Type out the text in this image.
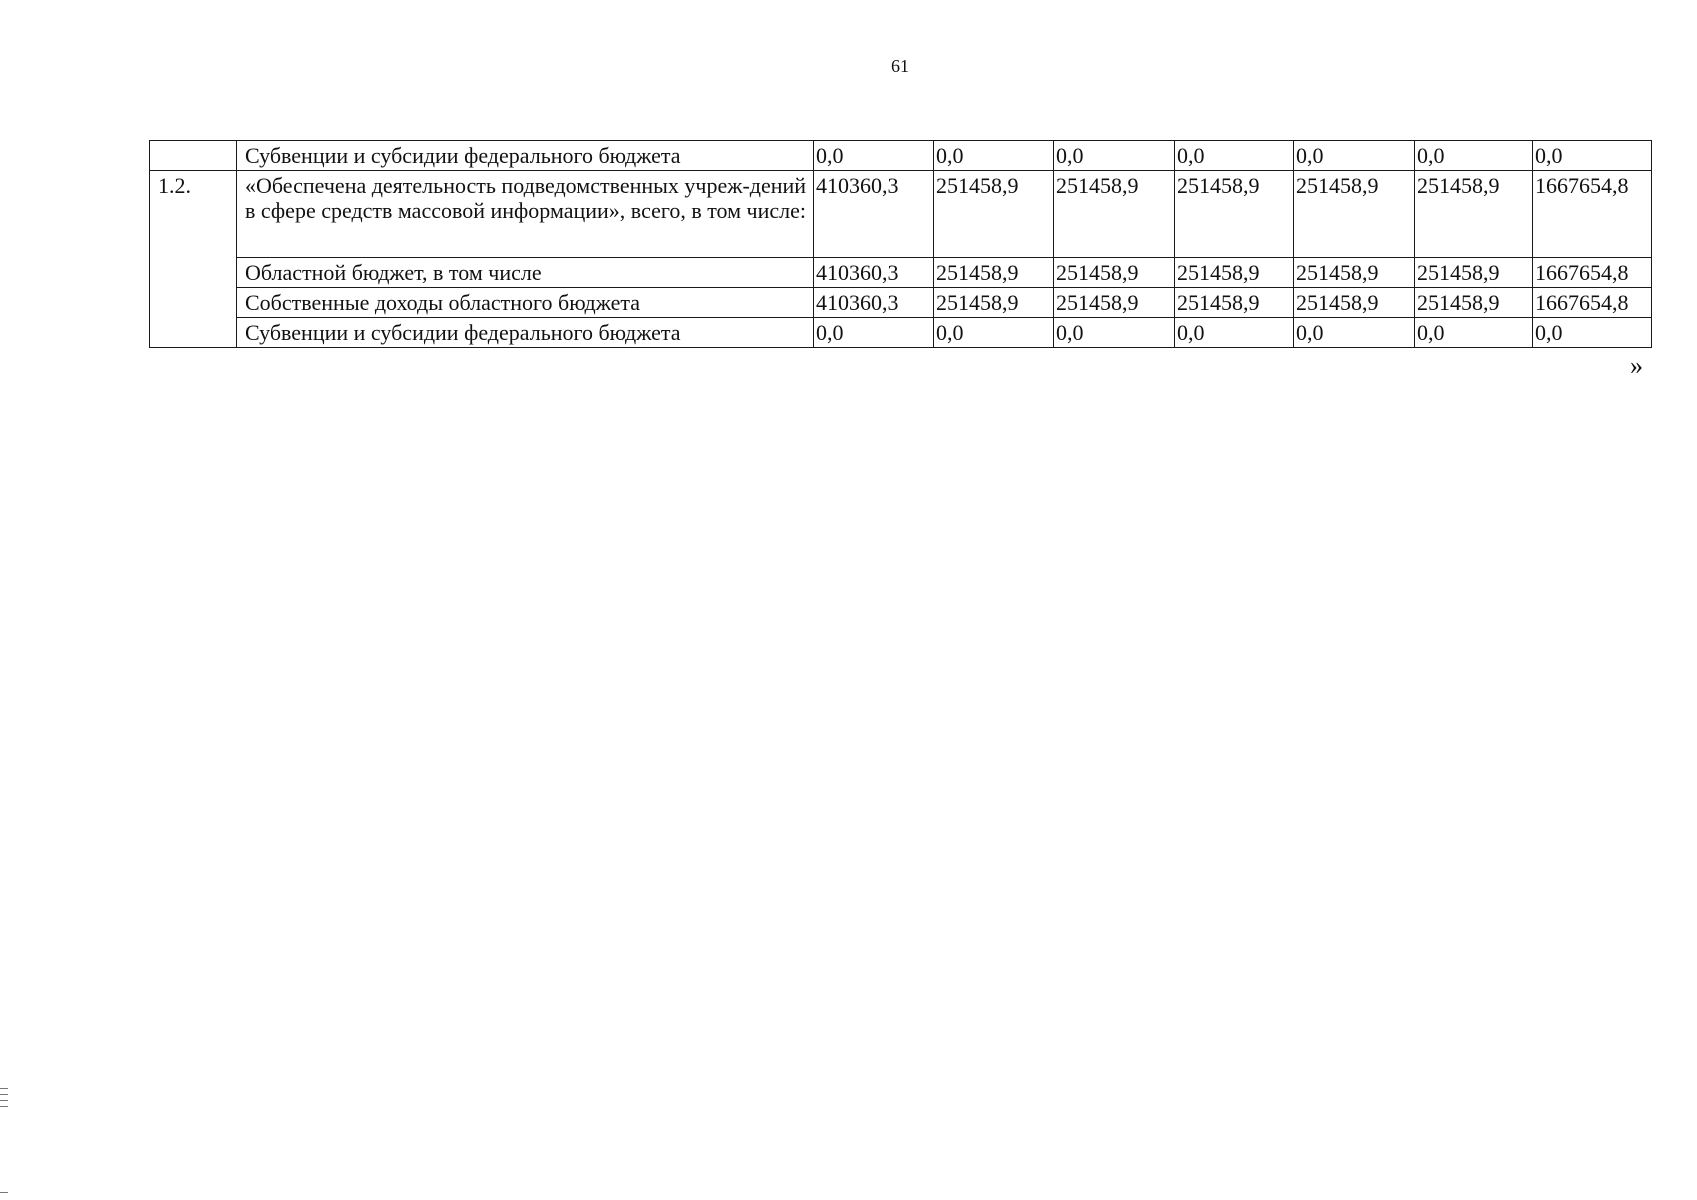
61
	Субвенции и субсидии федерального бюджета	0,0	0,0	0,0	0,0	0,0	0,0	0,0
1.2.	«Обеспечена деятельность подведомственных учреж-дений в сфере средств массовой информации», всего, в том числе:	410360,3	251458,9	251458,9	251458,9	251458,9	251458,9	1667654,8
	Областной бюджет, в том числе	410360,3	251458,9	251458,9	251458,9	251458,9	251458,9	1667654,8
	Собственные доходы областного бюджета	410360,3	251458,9	251458,9	251458,9	251458,9	251458,9	1667654,8
	Субвенции и субсидии федерального бюджета	0,0	0,0	0,0	0,0	0,0	0,0	0,0
»
